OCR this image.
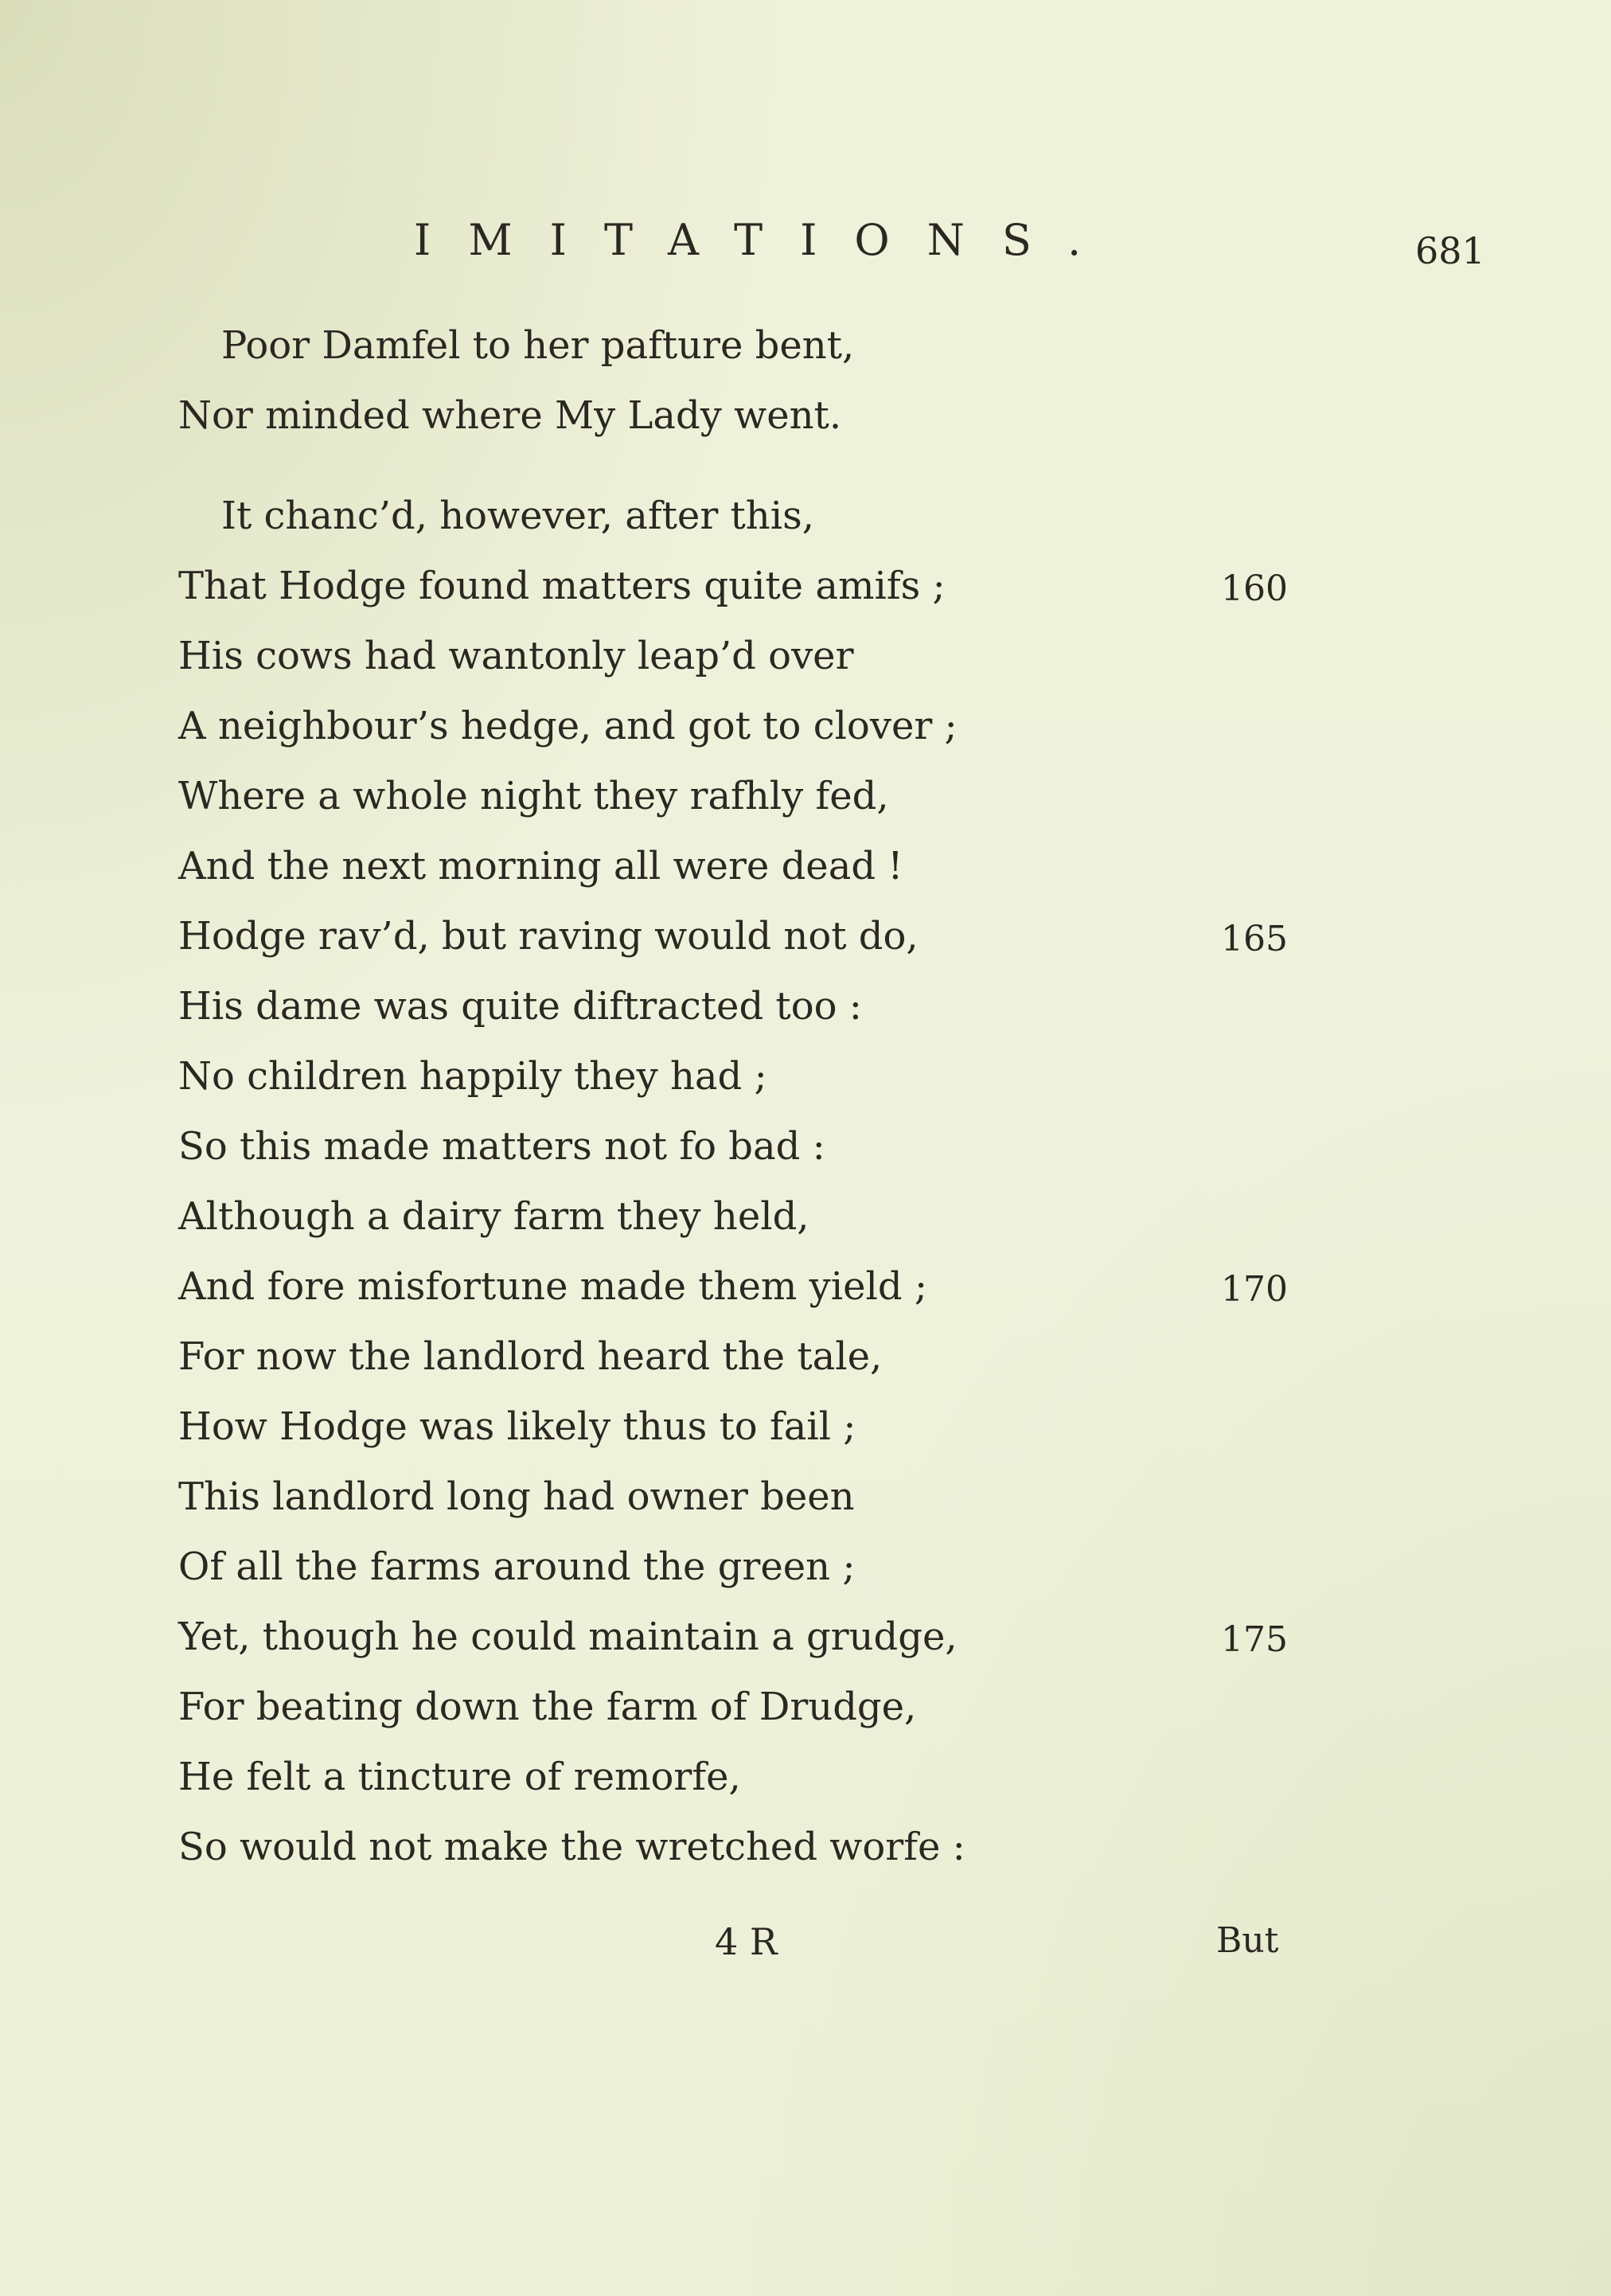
IMITATIONS.	681
Poor Damfel to her pafture bent,
Nor minded where My Lady went.
It chanc’d, however, after this,
That Hodge found matters quite amifs ;
His cows had wantonly leap’d over
A neighbour’s hedge, and got to clover ;
Where a whole night they rafhly fed,
And the next morning all were dead !
Hodge rav’d, but raving would not do,
His dame was quite diftracted too :
No children happily they had ;
So this made matters not fo bad :
Although a dairy farm they held,
And fore misfortune made them yield ;
For now the landlord heard the tale,
How Hodge was likely thus to fail ;
This landlord long had owner been
Of all the farms around the green ;
Yet, though he could maintain a grudge,
For beating down the farm of Drudge,
He felt a tincture of remorfe,
So would not make the wretched worfe :
160
165
170
175
4 R	But
